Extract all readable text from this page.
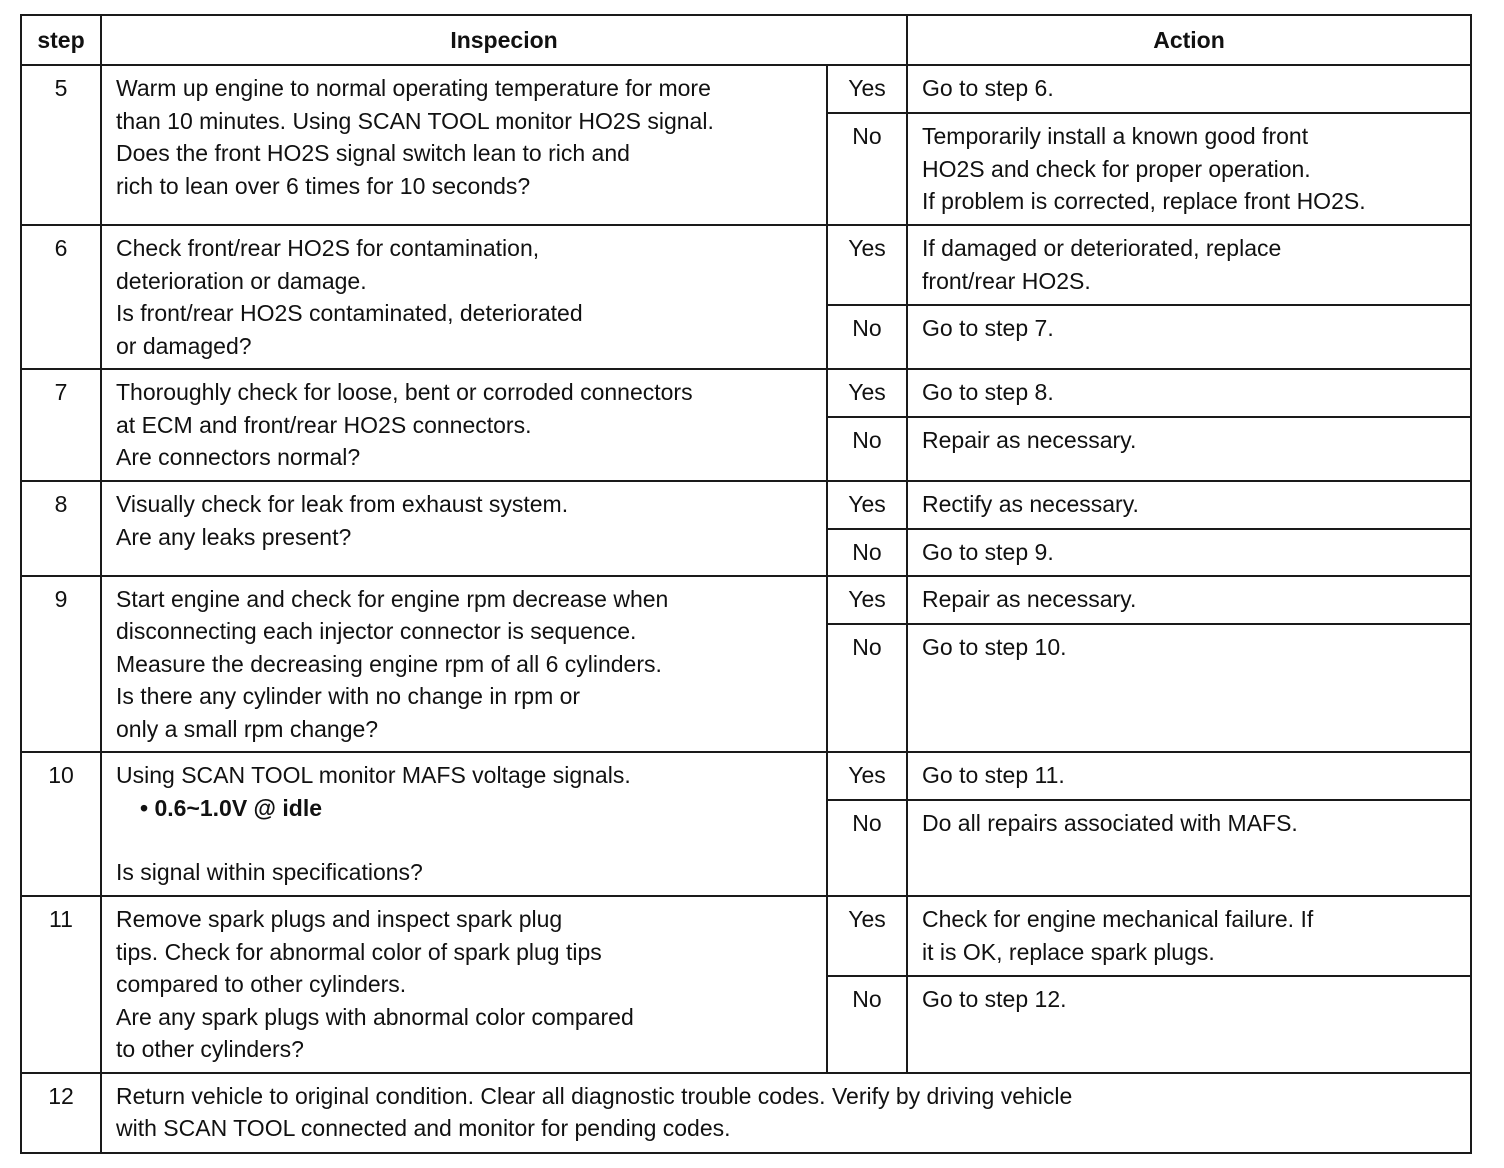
step	Inspecion		Action
5	Warm up engine to normal operating temperature for more
than 10 minutes. Using SCAN TOOL monitor HO2S signal.
Does the front HO2S signal switch lean to rich and
rich to lean over 6 times for 10 seconds?	Yes	Go to step 6.

		No	Temporarily install a known good front
HO2S and check for proper operation.
If problem is corrected, replace front HO2S.

6	Check front/rear HO2S for contamination,
deterioration or damage.
Is front/rear HO2S contaminated, deteriorated
or damaged?	Yes	If damaged or deteriorated, replace
front/rear HO2S.

		No	Go to step 7.

7	Thoroughly check for loose, bent or corroded connectors
at ECM and front/rear HO2S connectors.
Are connectors normal?	Yes	Go to step 8.

		No	Repair as necessary.

8	Visually check for leak from exhaust system.
Are any leaks present?	Yes	Rectify as necessary.

		No	Go to step 9.

9	Start engine and check for engine rpm decrease when
disconnecting each injector connector is sequence.
Measure the decreasing engine rpm of all 6 cylinders.
Is there any cylinder with no change in rpm or
only a small rpm change?	Yes	Repair as necessary.

		No	Go to step 10.

10	Using SCAN TOOL monitor MAFS voltage signals.
• 0.6~1.0V @ idle
Is signal within specifications?	Yes	Go to step 11.

		No	Do all repairs associated with MAFS.

11	Remove spark plugs and inspect spark plug
tips. Check for abnormal color of spark plug tips
compared to other cylinders.
Are any spark plugs with abnormal color compared
to other cylinders?	Yes	Check for engine mechanical failure. If
it is OK, replace spark plugs.

		No	Go to step 12.

12	Return vehicle to original condition. Clear all diagnostic trouble codes. Verify by driving vehicle
with SCAN TOOL connected and monitor for pending codes.		
